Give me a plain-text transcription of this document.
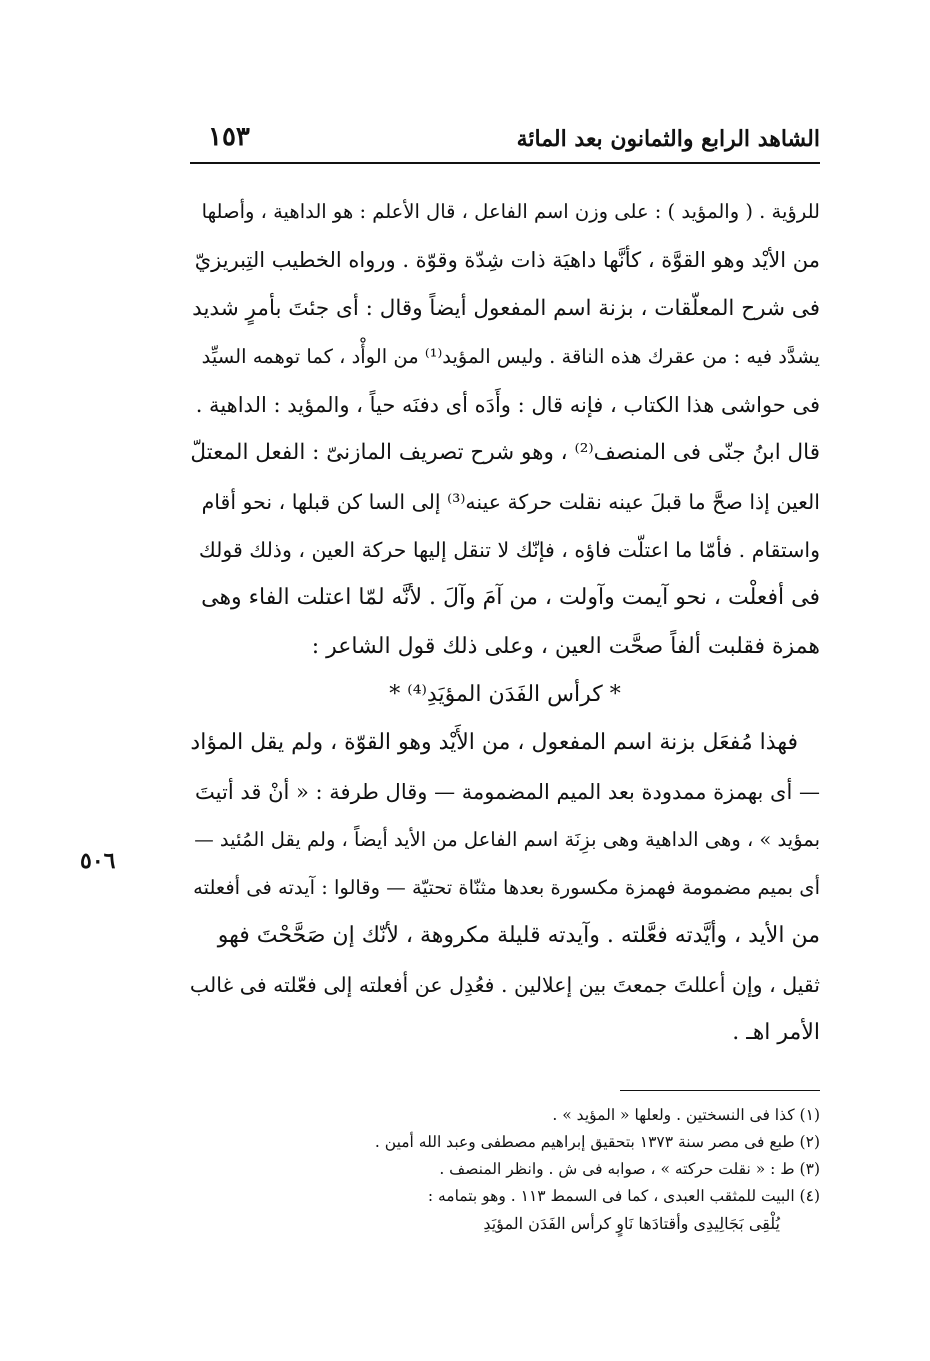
الشاهد الرابع والثمانون بعد المائة
١٥٣
للرؤية . ( والمؤيد ) : على وزن اسم الفاعل ، قال الأعلم : هو الداهية ، وأصلها
من الأيْد وهو القوَّة ، كأنَّها داهيَة ذات شِدّة وقوّة . ورواه الخطيب التِبريزيّ
فى شرح المعلّقات ، بزنة اسم المفعول أيضاً وقال : أى جئتَ بأمرٍ شديد
يشدَّد فيه : من عقرك هذه الناقة . وليس المؤيد⁽¹⁾ من الوأْد ، كما توهمه السيِّد
فى حواشى هذا الكتاب ، فإنه قال : وأَدَه أى دفنَه حياً ، والمؤيد : الداهية .
قال ابنُ جنّى فى المنصف⁽²⁾ ، وهو شرح تصريف المازنىّ : الفعل المعتلّ
العين إذا صحَّ ما قبلَ عينه نقلت حركة عينه⁽³⁾ إلى السا كن قبلها ، نحو أقام
واستقام . فأمّا ما اعتلّت فاؤه ، فإنّك لا تنقل إليها حركة العين ، وذلك قولك
فى أفعلْت ، نحو آيمت وآولت ، من آمَ وآلَ . لأنَّه لمّا اعتلت الفاء وهى
همزة فقلبت ألفاً صحَّت العين ، وعلى ذلك قول الشاعر :
* كرأس الفَدَن المؤيَدِ⁽⁴⁾ *
فهذا مُفعَل بزنة اسم المفعول ، من الأَيْد وهو القوّة ، ولم يقل المؤاد
— أى بهمزة ممدودة بعد الميم المضمومة — وقال طرفة : « أنْ قد أتيتَ
بمؤيد » ، وهى الداهية وهى بزِنَة اسم الفاعل من الأيد أيضاً ، ولم يقل المُئيد —
أى بميم مضمومة فهمزة مكسورة بعدها مثنّاة تحتيّة — وقالوا : آيدته فى أفعلته
من الأيد ، وأيَّدته فعَّلته . وآيدته قليلة مكروهة ، لأنّك إن صَحَّحْتَ فهو
ثقيل ، وإن أعللتَ جمعتَ بين إعلالين . فعُدِل عن أفعلته إلى فعّلته فى غالب
الأمر اهـ .
٥٠٦
(١) كذا فى النسختين . ولعلها « المؤيد » .
(٢) طبع فى مصر سنة ١٣٧٣ بتحقيق إبراهيم مصطفى وعبد الله أمين .
(٣) ط : « نقلت حركته » ، صوابه فى ش . وانظر المنصف .
(٤) البيت للمثقب العبدى ، كما فى السمط ١١٣ . وهو بتمامه :
يُلْقِى بَجَالِيدِى وأقتادَها نَاوٍ كرأس الفَدَن المؤيَدِ
